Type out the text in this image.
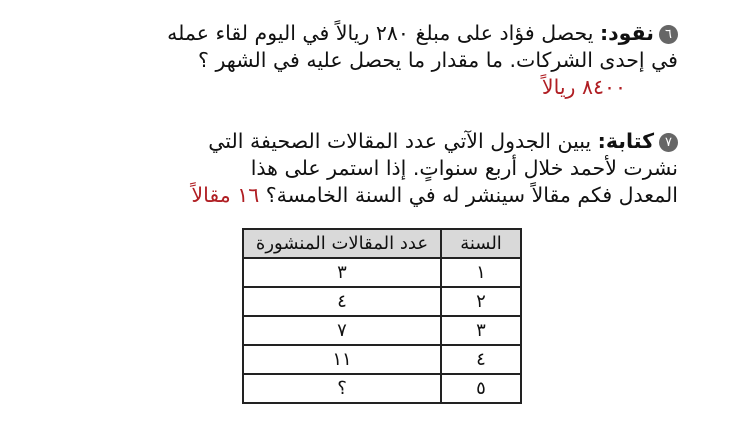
٦نقود: يحصل فؤاد على مبلغ ٢٨٠ ريالاً في اليوم لقاء عمله
في إحدى الشركات. ما مقدار ما يحصل عليه في الشهر ؟
٨٤٠٠ ريالاً
٧كتابة: يبين الجدول الآتي عدد المقالات الصحيفة التي
نشرت لأحمد خلال أربع سنواتٍ. إذا استمر على هذا
المعدل فكم مقالاً سينشر له في السنة الخامسة؟ ١٦ مقالاً
السنة	عدد المقالات المنشورة
١	٣
٢	٤
٣	٧
٤	١١
٥	؟
